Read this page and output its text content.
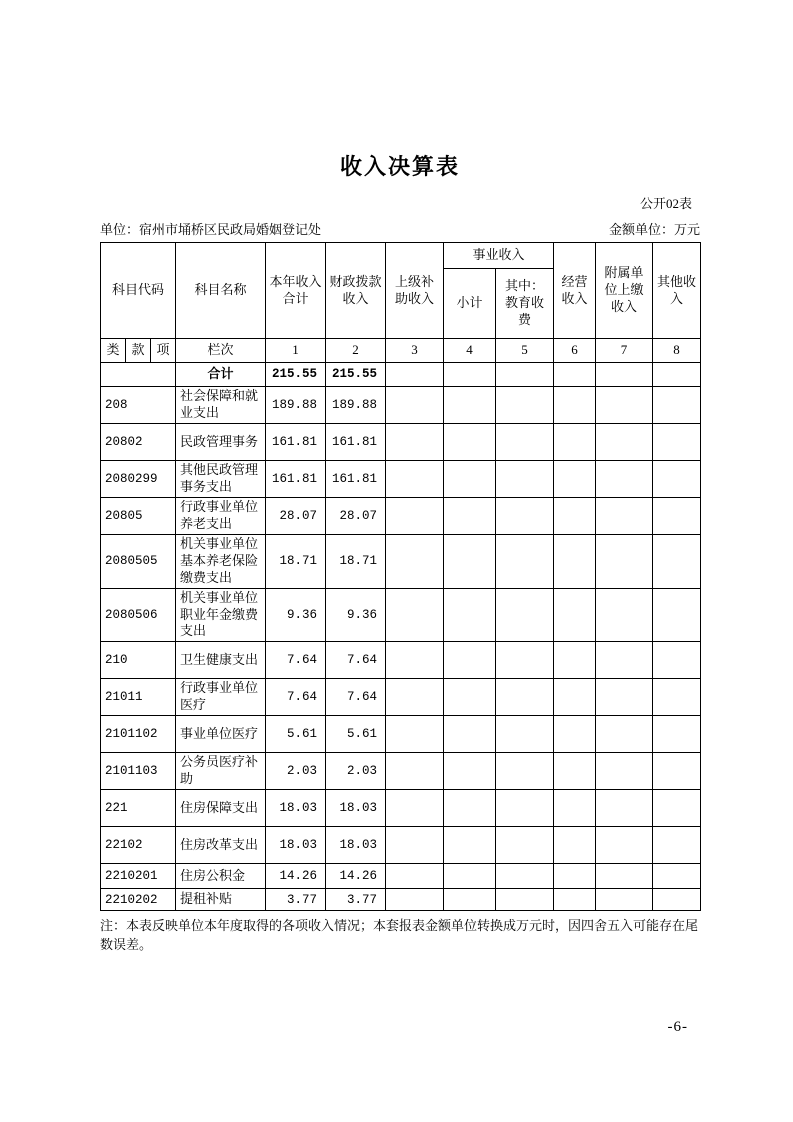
收入决算表
公开02表
单位：宿州市埇桥区民政局婚姻登记处	金额单位：万元
科目代码			科目名称	本年收入合计	财政拨款收入	上级补助收入	事业收入		经营收入	附属单位上缴收入	其他收入
							小计	其中：教育收费			
类	款	项	栏次	1	2	3	4	5	6	7	8
			合计	215.55	215.55						
208			社会保障和就业支出	189.88	189.88						
20802			民政管理事务	161.81	161.81						
2080299			其他民政管理事务支出	161.81	161.81						
20805			行政事业单位养老支出	28.07	28.07						
2080505			机关事业单位基本养老保险缴费支出	18.71	18.71						
2080506			机关事业单位职业年金缴费支出	9.36	9.36						
210			卫生健康支出	7.64	7.64						
21011			行政事业单位医疗	7.64	7.64						
2101102			事业单位医疗	5.61	5.61						
2101103			公务员医疗补助	2.03	2.03						
221			住房保障支出	18.03	18.03						
22102			住房改革支出	18.03	18.03						
2210201			住房公积金	14.26	14.26						
2210202			提租补贴	3.77	3.77						
注：本表反映单位本年度取得的各项收入情况；本套报表金额单位转换成万元时，因四舍五入可能存在尾数误差。
-6-
